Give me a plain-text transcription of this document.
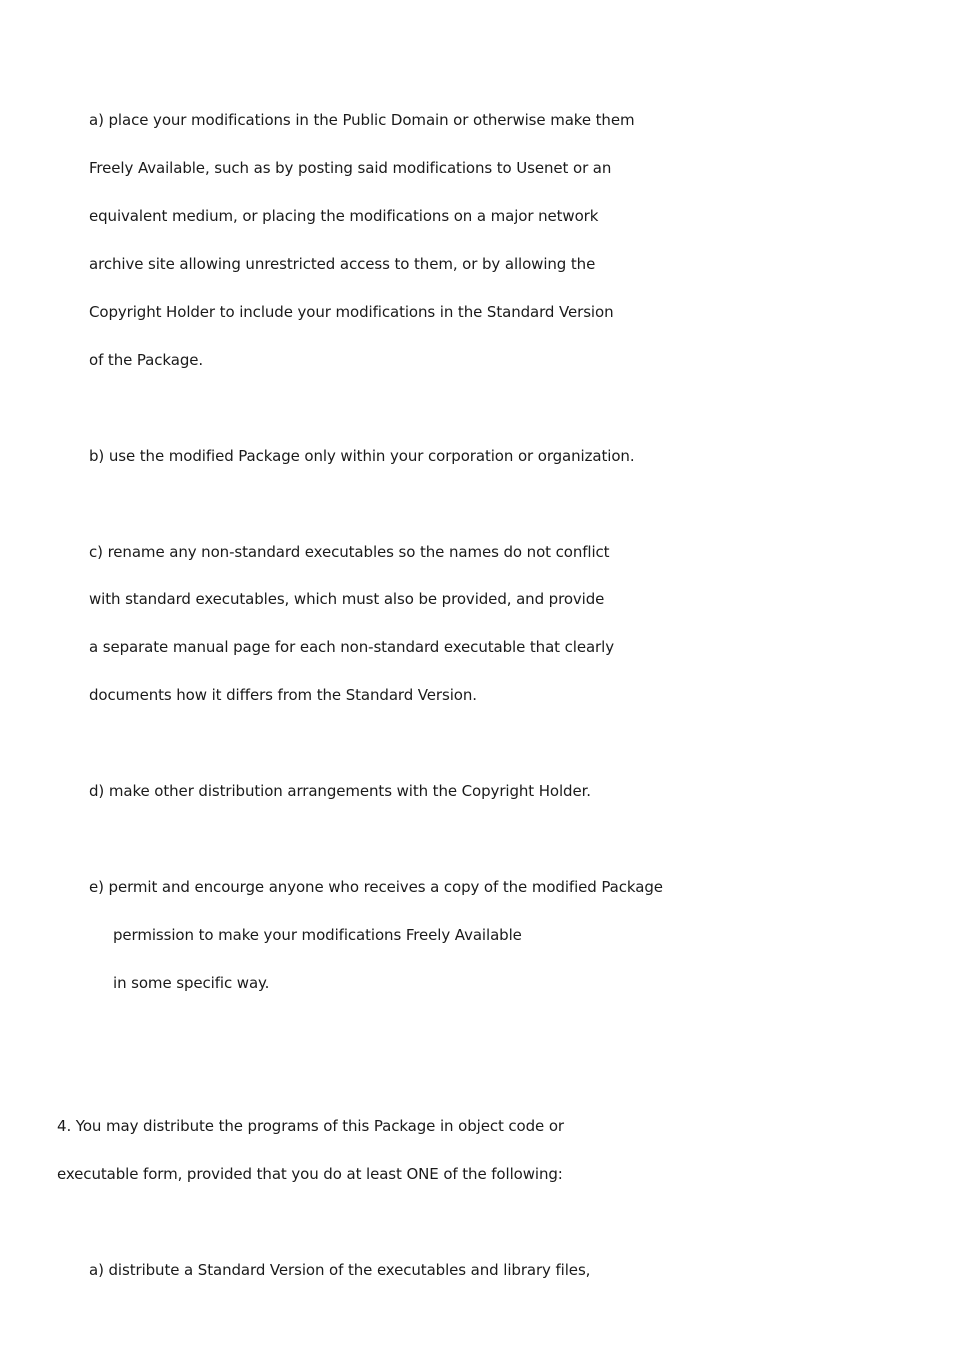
a) place your modifications in the Public Domain or otherwise make them
Freely Available, such as by posting said modifications to Usenet or an
equivalent medium, or placing the modifications on a major network
archive site allowing unrestricted access to them, or by allowing the
Copyright Holder to include your modifications in the Standard Version
of the Package.
b) use the modified Package only within your corporation or organization.
c) rename any non-standard executables so the names do not conflict
with standard executables, which must also be provided, and provide
a separate manual page for each non-standard executable that clearly
documents how it differs from the Standard Version.
d) make other distribution arrangements with the Copyright Holder.
e) permit and encourge anyone who receives a copy of the modified Package
permission to make your modifications Freely Available
in some specific way.
4. You may distribute the programs of this Package in object code or
executable form, provided that you do at least ONE of the following:
a) distribute a Standard Version of the executables and library files,
